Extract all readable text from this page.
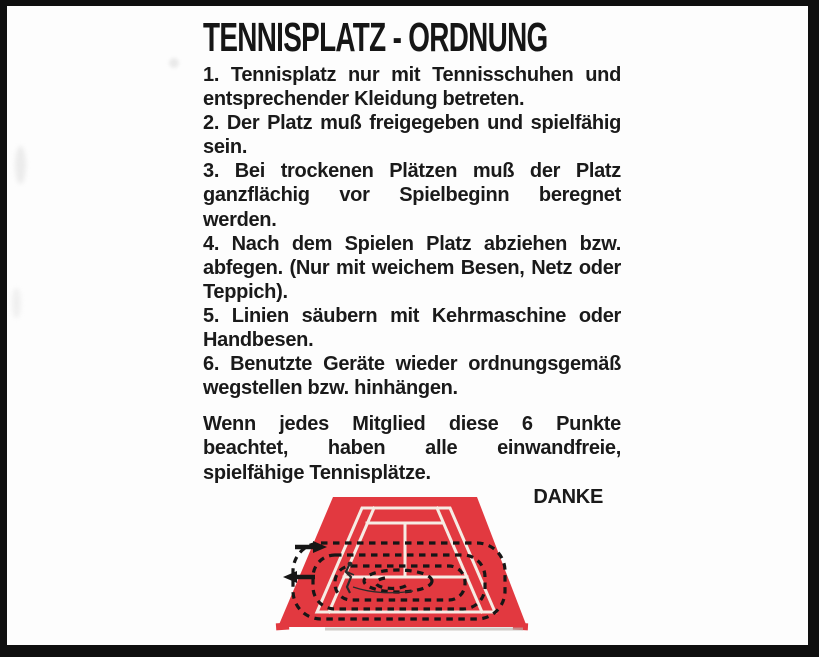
TENNISPLATZ - ORDNUNG
1. Tennisplatz nur mit Tennisschuhen und
entsprechender Kleidung betreten.
2. Der Platz muß freigegeben und spielfähig
sein.
3. Bei trockenen Plätzen muß der Platz
ganzflächig vor Spielbeginn beregnet
werden.
4. Nach dem Spielen Platz abziehen bzw.
abfegen. (Nur mit weichem Besen, Netz oder
Teppich).
5. Linien säubern mit Kehrmaschine oder
Handbesen.
6. Benutzte Geräte wieder ordnungsgemäß
wegstellen bzw. hinhängen.
Wenn jedes Mitglied diese 6 Punkte
beachtet, haben alle einwandfreie,
spielfähige Tennisplätze.
DANKE
